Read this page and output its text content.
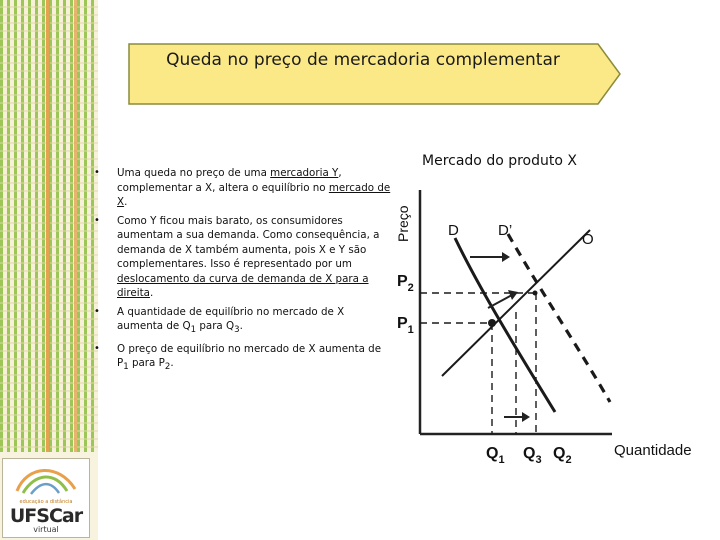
educação a distância
UFSCar
virtual
Queda no preço de mercadoria complementar
• Uma queda no preço de uma mercadoria Y, complementar a X, altera o equilíbrio no mercado de X.
• Como Y ficou mais barato, os consumidores aumentam a sua demanda. Como consequência, a demanda de X também aumenta, pois X e Y são complementares. Isso é representado por um deslocamento da curva de demanda de X para a direita.
• A quantidade de equilíbrio no mercado de X aumenta de $Q_1$ para $Q_3$.
• O preço de equilíbrio no mercado de X aumenta de $P_1$ para $P_2$.
Mercado do produto X
Preço
Quantidade
D	D’
O
$P_2$
$P_1$
$Q_1$ $Q_3$ $Q_2$
